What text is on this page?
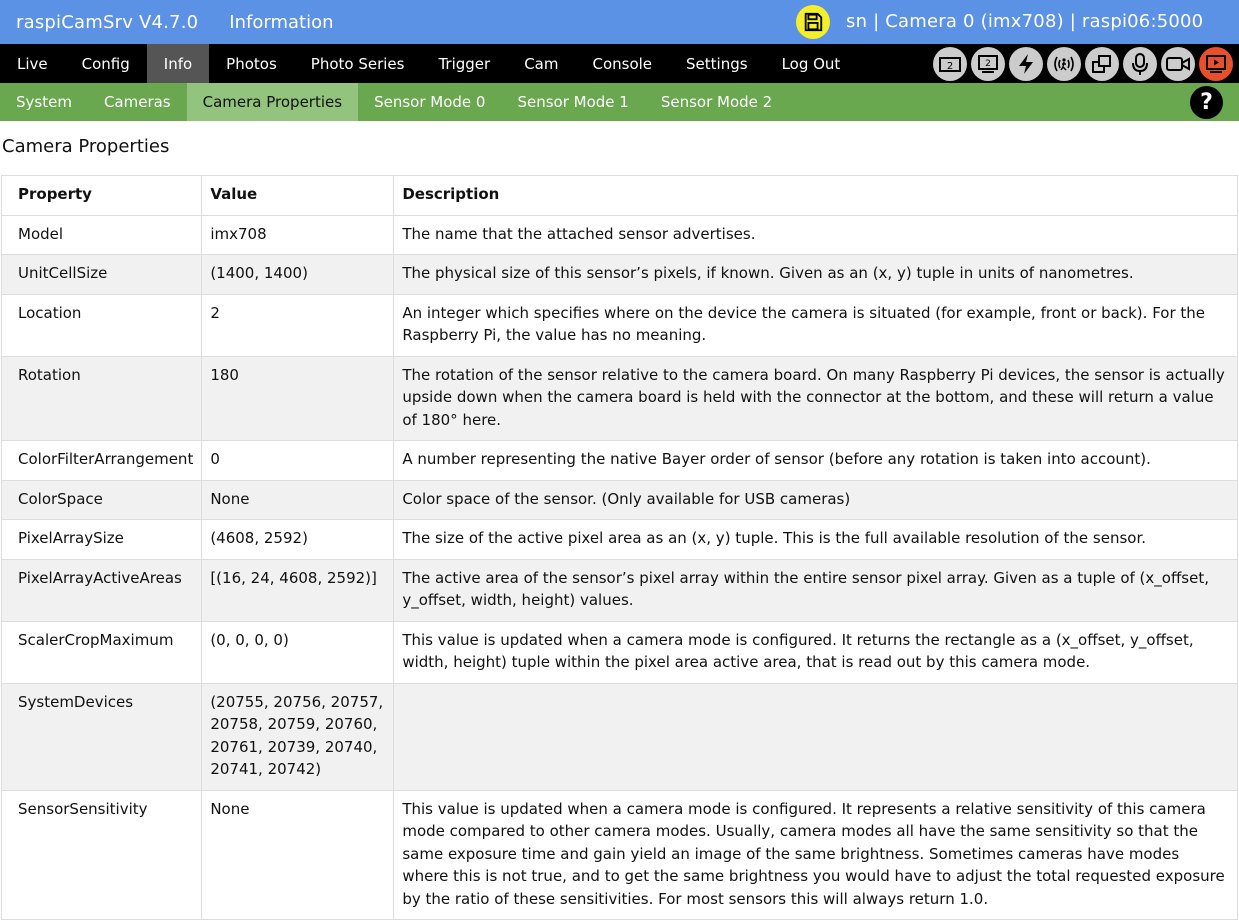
raspiCamSrv V4.7.0 Information	sn | Camera 0 (imx708) | raspi06:5000
Live	Config	Info	Photos	Photo Series	Trigger	Cam	Console	Settings	Log Out	2	2
System	Cameras	Camera Properties	Sensor Mode 0	Sensor Mode 1	Sensor Mode 2	?
Camera Properties
Property	Value	Description
Model	imx708	The name that the attached sensor advertises.
UnitCellSize	(1400, 1400)	The physical size of this sensor’s pixels, if known. Given as an (x, y) tuple in units of nanometres.
Location	2	An integer which specifies where on the device the camera is situated (for example, front or back). For the Raspberry Pi, the value has no meaning.
Rotation	180	The rotation of the sensor relative to the camera board. On many Raspberry Pi devices, the sensor is actually upside down when the camera board is held with the connector at the bottom, and these will return a value of 180° here.
ColorFilterArrangement	0	A number representing the native Bayer order of sensor (before any rotation is taken into account).
ColorSpace	None	Color space of the sensor. (Only available for USB cameras)
PixelArraySize	(4608, 2592)	The size of the active pixel area as an (x, y) tuple. This is the full available resolution of the sensor.
PixelArrayActiveAreas	[(16, 24, 4608, 2592)]	The active area of the sensor’s pixel array within the entire sensor pixel array. Given as a tuple of (x_offset, y_offset, width, height) values.
ScalerCropMaximum	(0, 0, 0, 0)	This value is updated when a camera mode is configured. It returns the rectangle as a (x_offset, y_offset, width, height) tuple within the pixel area active area, that is read out by this camera mode.
SystemDevices	(20755, 20756, 20757, 20758, 20759, 20760, 20761, 20739, 20740, 20741, 20742)	
SensorSensitivity	None	This value is updated when a camera mode is configured. It represents a relative sensitivity of this camera mode compared to other camera modes. Usually, camera modes all have the same sensitivity so that the same exposure time and gain yield an image of the same brightness. Sometimes cameras have modes where this is not true, and to get the same brightness you would have to adjust the total requested exposure by the ratio of these sensitivities. For most sensors this will always return 1.0.
